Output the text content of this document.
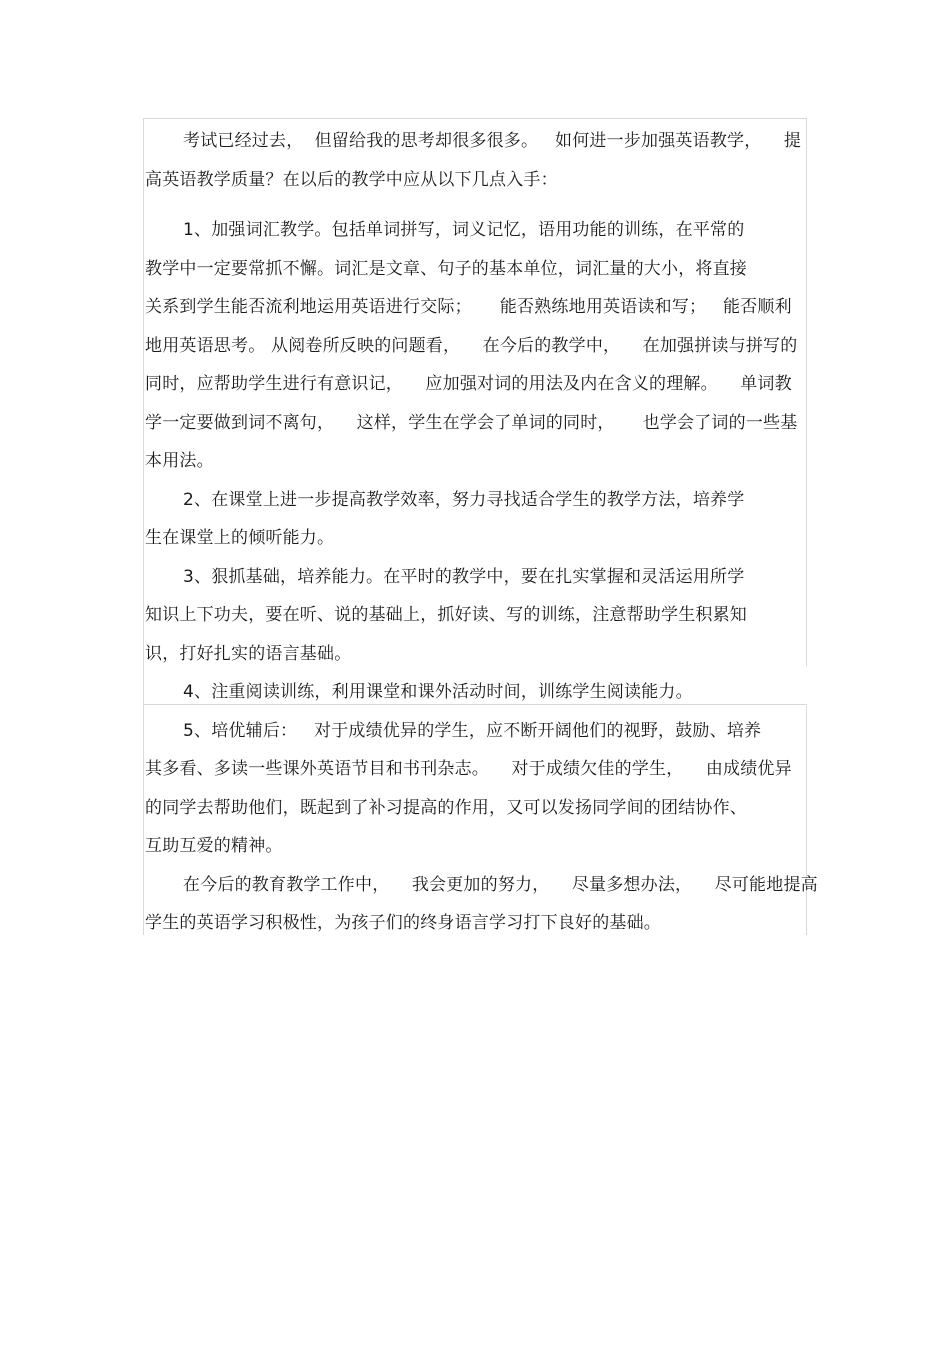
考试已经过去，  但留给我的思考却很多很多。   如何进一步加强英语教学，    提
高英语教学质量？在以后的教学中应从以下几点入手：
1、加强词汇教学。包括单词拼写，词义记忆，语用功能的训练，在平常的
教学中一定要常抓不懈。词汇是文章、句子的基本单位，词汇量的大小，将直接
关系到学生能否流利地运用英语进行交际；     能否熟练地用英语读和写；   能否顺利
地用英语思考。 从阅卷所反映的问题看，    在今后的教学中，    在加强拼读与拼写的
同时，应帮助学生进行有意识记，    应加强对词的用法及内在含义的理解。    单词教
学一定要做到词不离句，    这样，学生在学会了单词的同时，     也学会了词的一些基
本用法。
2、在课堂上进一步提高教学效率，努力寻找适合学生的教学方法，培养学
生在课堂上的倾听能力。
3、狠抓基础，培养能力。在平时的教学中，要在扎实掌握和灵活运用所学
知识上下功夫，要在听、说的基础上，抓好读、写的训练，注意帮助学生积累知
识，打好扎实的语言基础。
4、注重阅读训练，利用课堂和课外活动时间，训练学生阅读能力。
5、培优辅后：   对于成绩优异的学生，应不断开阔他们的视野，鼓励、培养
其多看、多读一些课外英语节目和书刊杂志。    对于成绩欠佳的学生，    由成绩优异
的同学去帮助他们，既起到了补习提高的作用，又可以发扬同学间的团结协作、
互助互爱的精神。
在今后的教育教学工作中，    我会更加的努力，    尽量多想办法，    尽可能地提高
学生的英语学习积极性，为孩子们的终身语言学习打下良好的基础。
